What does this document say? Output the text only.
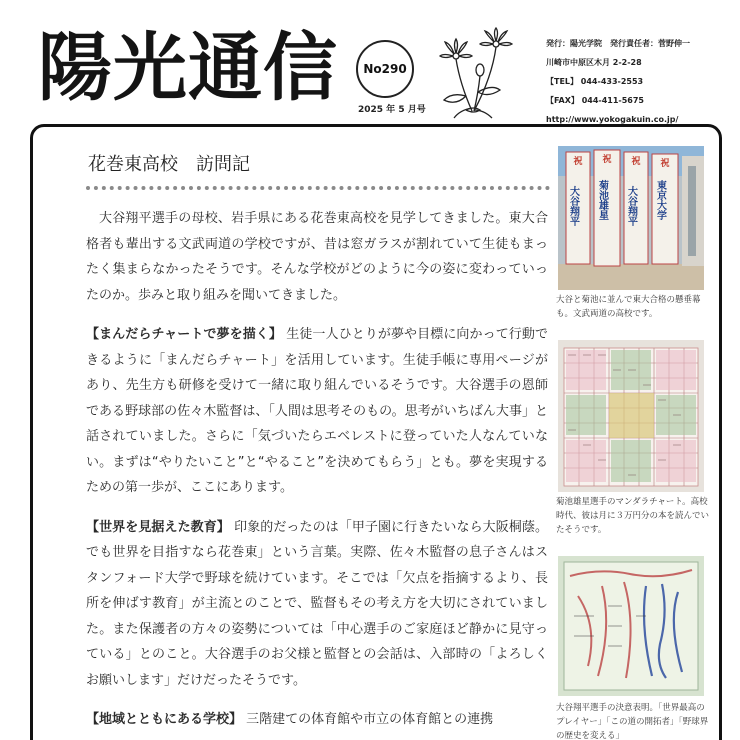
陽光通信 No290
2025 年 5 月号
発行：陽光学院　発行責任者：菅野伸一
川崎市中原区木月 2-2-28
【TEL】 044-433-2553
【FAX】 044-411-5675
http://www.yokogakuin.co.jp/
花巻東高校　訪問記

大谷翔平選手の母校、岩手県にある花巻東高校を見学してきました。東大合格者も輩出する文武両道の学校ですが、昔は窓ガラスが割れていて生徒もまったく集まらなかったそうです。そんな学校がどのように今の姿に変わっていったのか。歩みと取り組みを聞いてきました。

【まんだらチャートで夢を描く】 生徒一人ひとりが夢や目標に向かって行動できるように「まんだらチャート」を活用しています。生徒手帳に専用ページがあり、先生方も研修を受けて一緒に取り組んでいるそうです。大谷選手の恩師である野球部の佐々木監督は、「人間は思考そのもの。思考がいちばん大事」と話されていました。さらに「気づいたらエベレストに登っていた人なんていない。まずは“やりたいこと”と“やること”を決めてもらう」とも。夢を実現するための第一歩が、ここにあります。

【世界を見据えた教育】 印象的だったのは「甲子園に行きたいなら大阪桐蔭。でも世界を目指すなら花巻東」という言葉。実際、佐々木監督の息子さんはスタンフォード大学で野球を続けています。そこでは「欠点を指摘するより、長所を伸ばす教育」が主流とのことで、監督もその考え方を大切にされていました。また保護者の方々の姿勢については「中心選手のご家庭ほど静かに見守っている」とのこと。大谷選手のお父様と監督との会話は、入部時の「よろしくお願いします」だけだったそうです。

【地域とともにある学校】 三階建ての体育館や市立の体育館との連携

祝 祝 祝 祝
大谷翔平 菊池雄星 大谷翔平 東京大学
大谷と菊池に並んで東大合格の懸垂幕も。文武両道の高校です。
菊池雄星選手のマンダラチャート。高校時代、彼は月に３万円分の本を読んでいたそうです。
大谷翔平選手の決意表明。「世界最高のプレイヤー」「この道の開拓者」「野球界の歴史を変える」
